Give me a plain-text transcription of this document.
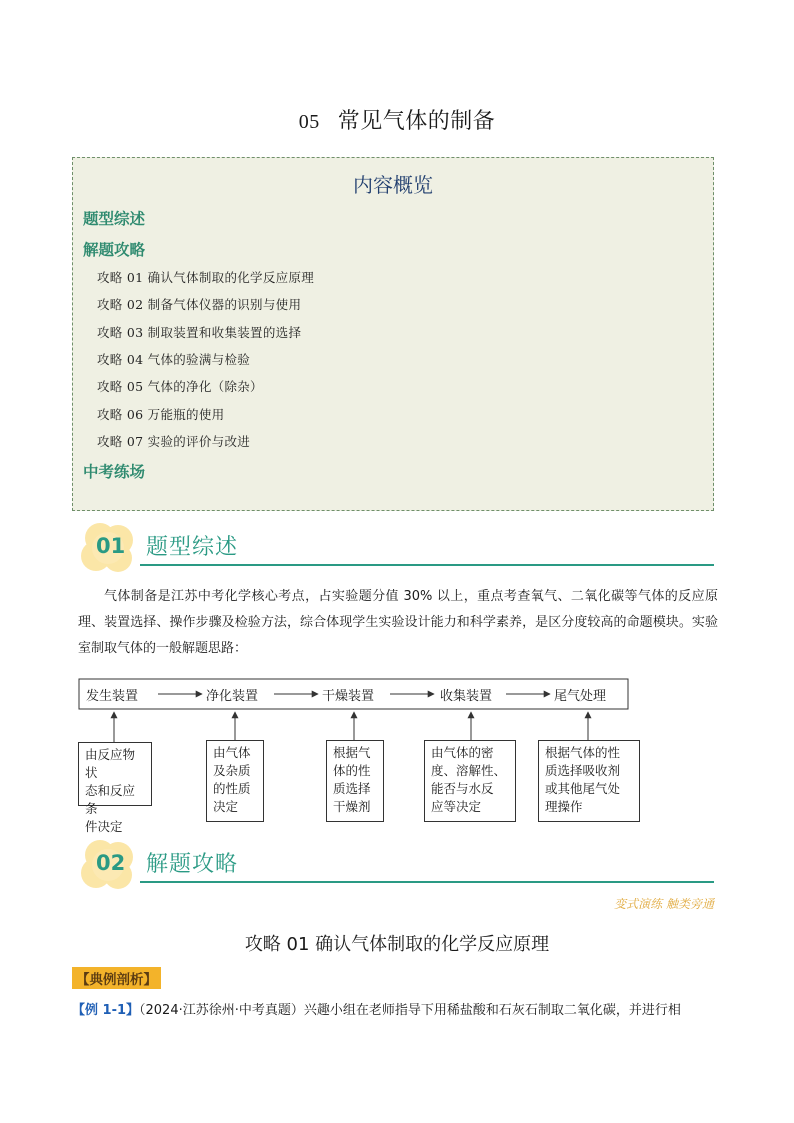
05 常见气体的制备
内容概览
题型综述
解题攻略
攻略 01 确认气体制取的化学反应原理
攻略 02 制备气体仪器的识别与使用
攻略 03 制取装置和收集装置的选择
攻略 04 气体的验满与检验
攻略 05 气体的净化（除杂）
攻略 06 万能瓶的使用
攻略 07 实验的评价与改进
中考练场
01 题型综述

气体制备是江苏中考化学核心考点，占实验题分值 30% 以上，重点考查氧气、二氧化碳等气体的反应原理、装置选择、操作步骤及检验方法，综合体现学生实验设计能力和科学素养，是区分度较高的命题模块。实验室制取气体的一般解题思路：

发生装置	净化装置	干燥装置	收集装置	尾气处理
由反应物状
态和反应条
件决定
由气体
及杂质
的性质
决定
根据气
体的性
质选择
干燥剂
由气体的密
度、溶解性、
能否与水反
应等决定
根据气体的性
质选择吸收剂
或其他尾气处
理操作
02 解题攻略
变式演练 触类旁通
攻略 01 确认气体制取的化学反应原理
【典例剖析】
【例 1-1】（2024·江苏徐州·中考真题）兴趣小组在老师指导下用稀盐酸和石灰石制取二氧化碳，并进行相
